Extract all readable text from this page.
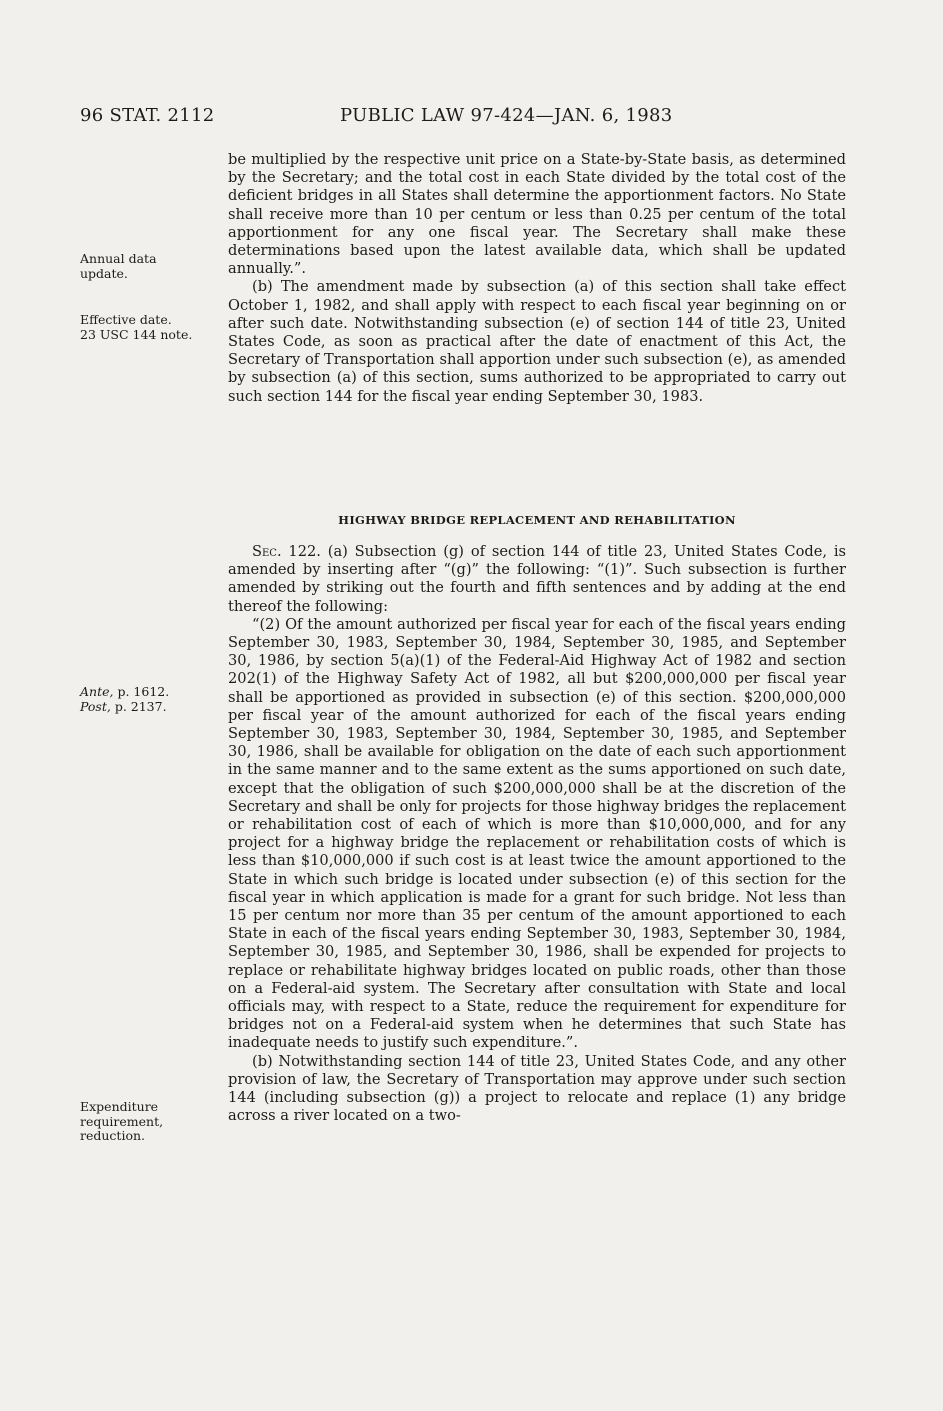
96 STAT. 2112	PUBLIC LAW 97-424—JAN. 6, 1983
Annual data
update.
Effective date.
23 USC 144 note.
Ante, p. 1612.
Post, p. 2137.
Expenditure
requirement,
reduction.

be multiplied by the respective unit price on a State-by-State basis, as determined by the Secretary; and the total cost in each State divided by the total cost of the deficient bridges in all States shall determine the apportionment factors. No State shall receive more than 10 per centum or less than 0.25 per centum of the total apportionment for any one fiscal year. The Secretary shall make these determinations based upon the latest available data, which shall be updated annually.”.

(b) The amendment made by subsection (a) of this section shall take effect October 1, 1982, and shall apply with respect to each fiscal year beginning on or after such date. Notwithstanding subsection (e) of section 144 of title 23, United States Code, as soon as practical after the date of enactment of this Act, the Secretary of Transportation shall apportion under such subsection (e), as amended by subsection (a) of this section, sums authorized to be appropriated to carry out such section 144 for the fiscal year ending September 30, 1983.

HIGHWAY BRIDGE REPLACEMENT AND REHABILITATION

Sec. 122. (a) Subsection (g) of section 144 of title 23, United States Code, is amended by inserting after “(g)” the following: “(1)”. Such subsection is further amended by striking out the fourth and fifth sentences and by adding at the end thereof the following:

“(2) Of the amount authorized per fiscal year for each of the fiscal years ending September 30, 1983, September 30, 1984, September 30, 1985, and September 30, 1986, by section 5(a)(1) of the Federal-Aid Highway Act of 1982 and section 202(1) of the Highway Safety Act of 1982, all but $200,000,000 per fiscal year shall be apportioned as provided in subsection (e) of this section. $200,000,000 per fiscal year of the amount authorized for each of the fiscal years ending September 30, 1983, September 30, 1984, September 30, 1985, and September 30, 1986, shall be available for obligation on the date of each such apportionment in the same manner and to the same extent as the sums apportioned on such date, except that the obligation of such $200,000,000 shall be at the discretion of the Secretary and shall be only for projects for those highway bridges the replacement or rehabilitation cost of each of which is more than $10,000,000, and for any project for a highway bridge the replacement or rehabilitation costs of which is less than $10,000,000 if such cost is at least twice the amount apportioned to the State in which such bridge is located under subsection (e) of this section for the fiscal year in which application is made for a grant for such bridge. Not less than 15 per centum nor more than 35 per centum of the amount apportioned to each State in each of the fiscal years ending September 30, 1983, September 30, 1984, September 30, 1985, and September 30, 1986, shall be expended for projects to replace or rehabilitate highway bridges located on public roads, other than those on a Federal-aid system. The Secretary after consultation with State and local officials may, with respect to a State, reduce the requirement for expenditure for bridges not on a Federal-aid system when he determines that such State has inadequate needs to justify such expenditure.”.

(b) Notwithstanding section 144 of title 23, United States Code, and any other provision of law, the Secretary of Transportation may approve under such section 144 (including subsection (g)) a project to relocate and replace (1) any bridge across a river located on a two-
